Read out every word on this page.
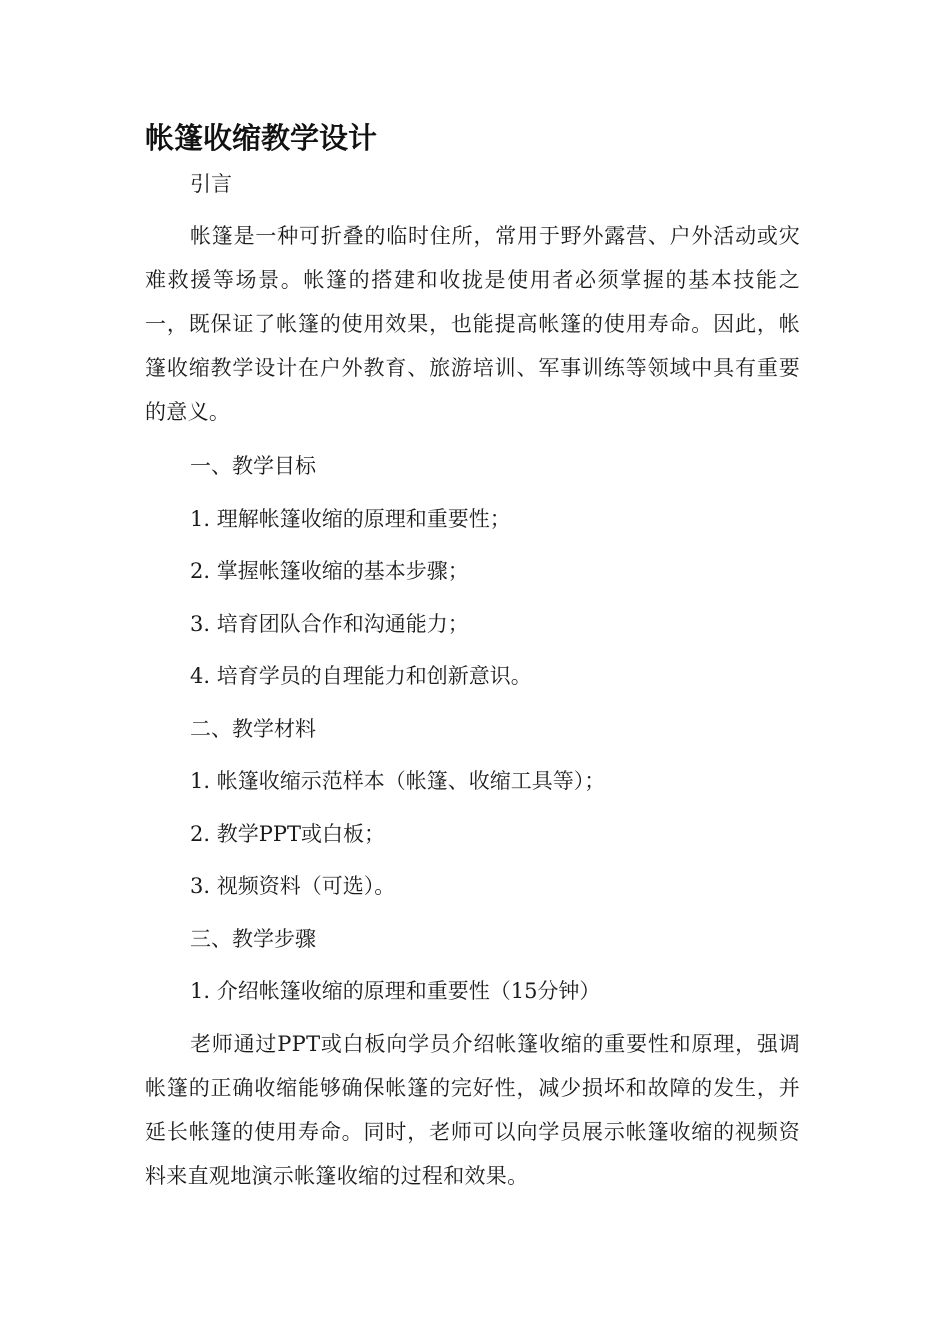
帐篷收缩教学设计
引言
帐篷是一种可折叠的临时住所，常用于野外露营、户外活动或灾难救援等场景。帐篷的搭建和收拢是使用者必须掌握的基本技能之一，既保证了帐篷的使用效果，也能提高帐篷的使用寿命。因此，帐篷收缩教学设计在户外教育、旅游培训、军事训练等领域中具有重要的意义。
一、教学目标
1. 理解帐篷收缩的原理和重要性；
2. 掌握帐篷收缩的基本步骤；
3. 培育团队合作和沟通能力；
4. 培育学员的自理能力和创新意识。
二、教学材料
1. 帐篷收缩示范样本（帐篷、收缩工具等）；
2. 教学PPT或白板；
3. 视频资料（可选）。
三、教学步骤
1. 介绍帐篷收缩的原理和重要性（15分钟）
老师通过PPT或白板向学员介绍帐篷收缩的重要性和原理，强调帐篷的正确收缩能够确保帐篷的完好性，减少损坏和故障的发生，并延长帐篷的使用寿命。同时，老师可以向学员展示帐篷收缩的视频资料来直观地演示帐篷收缩的过程和效果。
